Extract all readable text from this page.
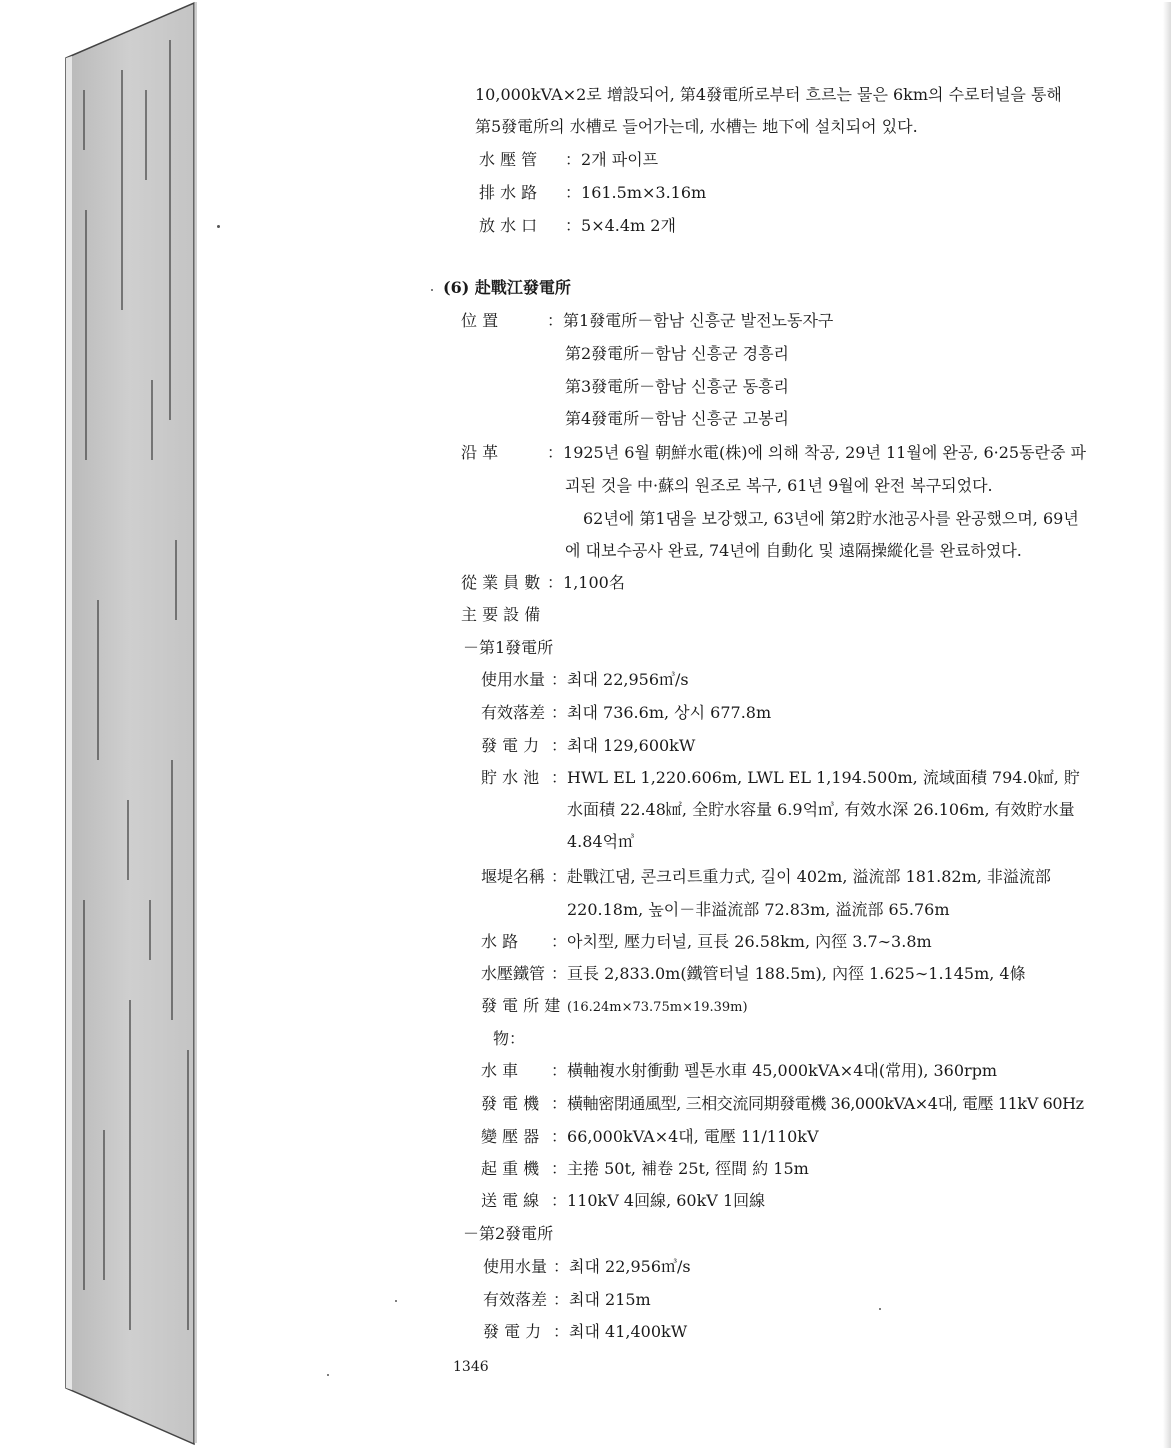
10,000kVA×2로 增設되어, 第4發電所로부터 흐르는 물은 6km의 수로터널을 통해
第5發電所의 水槽로 들어가는데, 水槽는 地下에 설치되어 있다.
水 壓 管 ：2개 파이프
排 水 路 ：161.5m×3.16m
放 水 口 ：5×4.4m 2개
(6) 赴戰江發電所
位 置	：第1發電所－함남 신흥군 발전노동자구
第2發電所－함남 신흥군 경흥리
第3發電所－함남 신흥군 동흥리
第4發電所－함남 신흥군 고봉리
沿 革	：1925년 6월 朝鮮水電(株)에 의해 착공, 29년 11월에 완공, 6·25동란중 파
괴된 것을 中·蘇의 원조로 복구, 61년 9월에 완전 복구되었다.
62년에 第1댐을 보강했고, 63년에 第2貯水池공사를 완공했으며, 69년
에 대보수공사 완료, 74년에 自動化 및 遠隔操縱化를 완료하였다.
從 業 員 數 ：1,100名
主 要 設 備
－第1發電所
使用水量 ：최대 22,956㎥/s
有效落差 ：최대 736.6m, 상시 677.8m
發 電 力 ：최대 129,600kW
貯 水 池 ：HWL EL 1,220.606m, LWL EL 1,194.500m, 流域面積 794.0㎢, 貯
水面積 22.48㎢, 全貯水容量 6.9억㎥, 有效水深 26.106m, 有效貯水量
4.84억㎥
堰堤名稱 ：赴戰江댐, 콘크리트重力式, 길이 402m, 溢流部 181.82m, 非溢流部
220.18m, 높이－非溢流部 72.83m, 溢流部 65.76m
水 路 ：아치型, 壓力터널, 亘長 26.58km, 內徑 3.7∼3.8m
水壓鐵管 ：亘長 2,833.0m(鐵管터널 188.5m), 內徑 1.625∼1.145m, 4條
發 電 所 建 (16.24m×73.75m×19.39m)
物：
水 車 ：橫軸複水射衝動 펠톤水車 45,000kVA×4대(常用), 360rpm
發 電 機 ：橫軸密閉通風型, 三相交流同期發電機 36,000kVA×4대, 電壓 11kV 60Hz
變 壓 器 ：66,000kVA×4대, 電壓 11/110kV
起 重 機 ：主捲 50t, 補卷 25t, 徑間 約 15m
送 電 線 ：110kV 4回線, 60kV 1回線
－第2發電所
使用水量 ：최대 22,956㎥/s
有效落差 ：최대 215m
發 電 力 ：최대 41,400kW
1346
